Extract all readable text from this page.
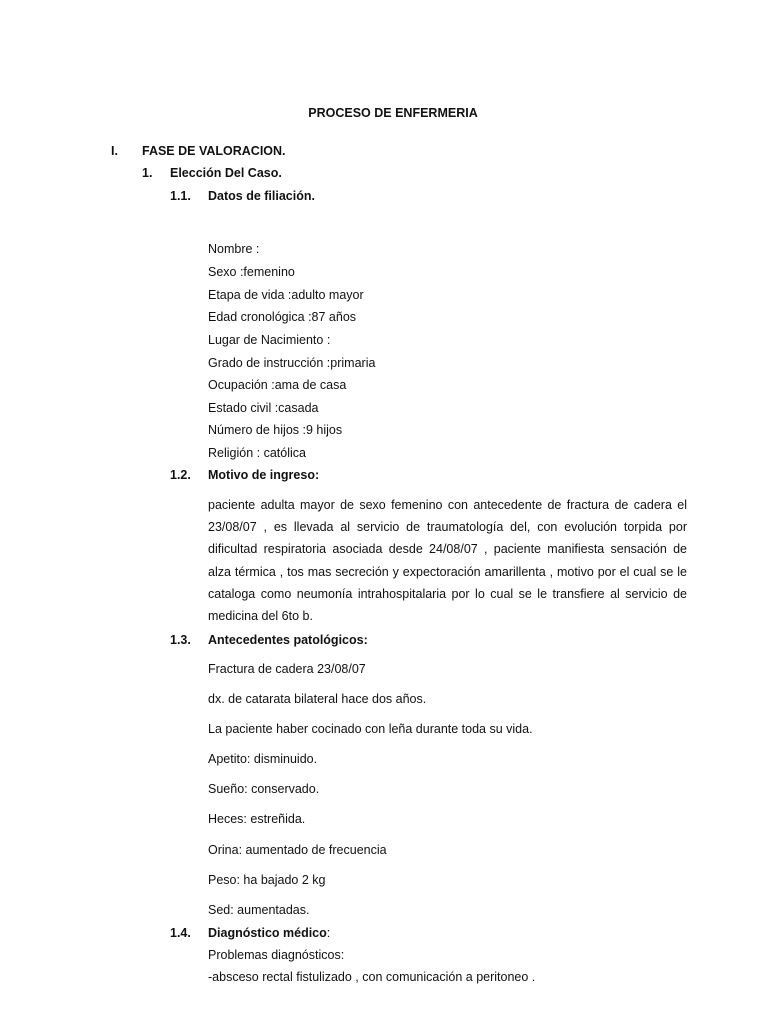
PROCESO DE ENFERMERIA
I. FASE DE VALORACION.
1. Elección Del Caso.
1.1. Datos de filiación.
Nombre :
Sexo :femenino
Etapa de vida :adulto mayor
Edad cronológica :87 años
Lugar de Nacimiento :
Grado de instrucción :primaria
Ocupación :ama de casa
Estado civil :casada
Número de hijos :9 hijos
Religión : católica
1.2. Motivo de ingreso:
paciente adulta mayor de sexo femenino con antecedente de fractura de cadera el 23/08/07 , es llevada al servicio de traumatología del, con evolución torpida por dificultad respiratoria asociada desde 24/08/07 , paciente manifiesta sensación de alza térmica , tos mas secreción y expectoración amarillenta , motivo por el cual se le cataloga como neumonía intrahospitalaria por lo cual se le transfiere al servicio de medicina del 6to b.
1.3. Antecedentes patológicos:
Fractura de cadera 23/08/07
dx. de catarata bilateral hace dos años.
La paciente haber cocinado con leña durante toda su vida.
Apetito: disminuido.
Sueño: conservado.
Heces: estreñida.
Orina: aumentado de frecuencia
Peso: ha bajado 2 kg
Sed: aumentadas.
1.4. Diagnóstico médico:
Problemas diagnósticos:
-absceso rectal fistulizado , con comunicación a peritoneo .
